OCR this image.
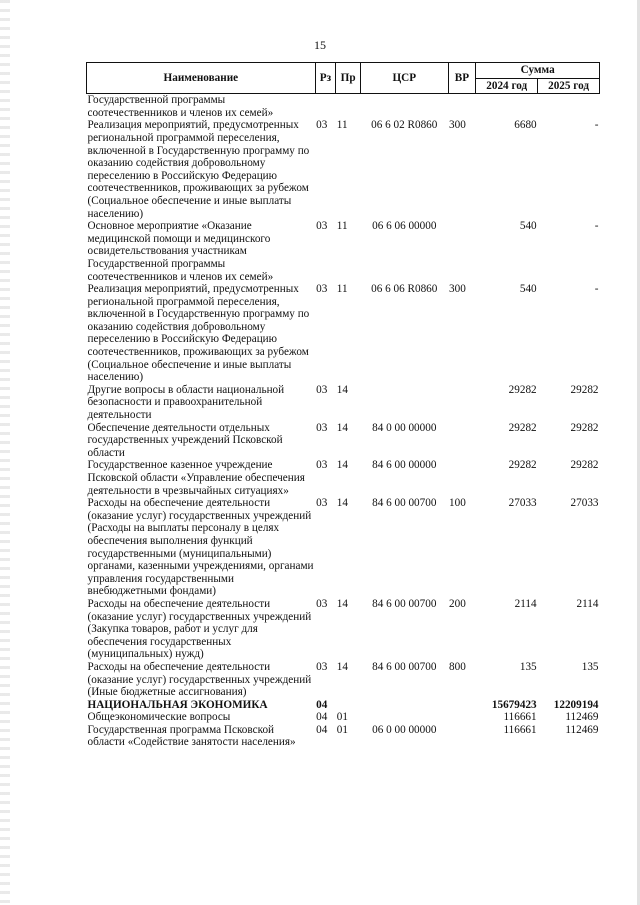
15
Наименование	Рз	Пр	ЦСР	ВР	Сумма	
					2024 год	2025 год
Государственной программы соотечественников и членов их семей»						
Реализация мероприятий, предусмотренных региональной программой переселения, включенной в Государственную программу по оказанию содействия добровольному переселению в Российскую Федерацию соотечественников, проживающих за рубежом (Социальное обеспечение и иные выплаты населению)	03	11	06 6 02 R0860	300	6680	-
Основное мероприятие «Оказание медицинской помощи и медицинского освидетельствования участникам Государственной программы соотечественников и членов их семей»	03	11	06 6 06 00000		540	-
Реализация мероприятий, предусмотренных региональной программой переселения, включенной в Государственную программу по оказанию содействия добровольному переселению в Российскую Федерацию соотечественников, проживающих за рубежом (Социальное обеспечение и иные выплаты населению)	03	11	06 6 06 R0860	300	540	-
Другие вопросы в области национальной безопасности и правоохранительной деятельности	03	14			29282	29282
Обеспечение деятельности отдельных государственных учреждений Псковской области	03	14	84 0 00 00000		29282	29282
Государственное казенное учреждение Псковской области «Управление обеспечения деятельности в чрезвычайных ситуациях»	03	14	84 6 00 00000		29282	29282
Расходы на обеспечение деятельности (оказание услуг) государственных учреждений (Расходы на выплаты персоналу в целях обеспечения выполнения функций государственными (муниципальными) органами, казенными учреждениями, органами управления государственными внебюджетными фондами)	03	14	84 6 00 00700	100	27033	27033
Расходы на обеспечение деятельности (оказание услуг) государственных учреждений (Закупка товаров, работ и услуг для обеспечения государственных (муниципальных) нужд)	03	14	84 6 00 00700	200	2114	2114
Расходы на обеспечение деятельности (оказание услуг) государственных учреждений (Иные бюджетные ассигнования)	03	14	84 6 00 00700	800	135	135
НАЦИОНАЛЬНАЯ ЭКОНОМИКА	04				15679423	12209194
Общеэкономические вопросы	04	01			116661	112469
Государственная программа Псковской области «Содействие занятости населения»	04	01	06 0 00 00000		116661	112469
